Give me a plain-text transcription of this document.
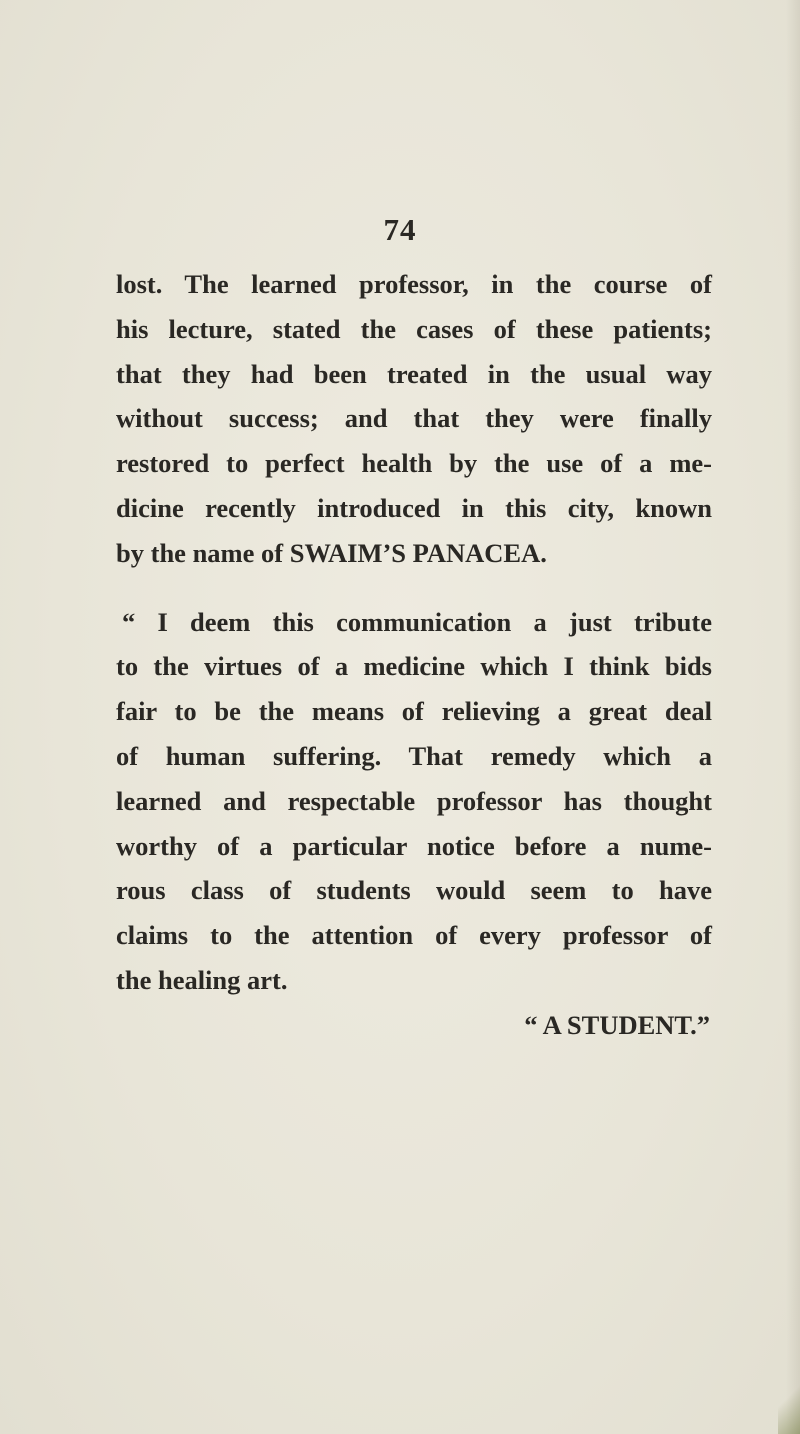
74
lost. The learned professor, in the course of
his lecture, stated the cases of these patients;
that they had been treated in the usual way
without success; and that they were finally
restored to perfect health by the use of a me-
dicine recently introduced in this city, known
by the name of SWAIM’S PANACEA.
“ I deem this communication a just tribute
to the virtues of a medicine which I think bids
fair to be the means of relieving a great deal
of human suffering. That remedy which a
learned and respectable professor has thought
worthy of a particular notice before a nume-
rous class of students would seem to have
claims to the attention of every professor of
the healing art.
“ A STUDENT.”
